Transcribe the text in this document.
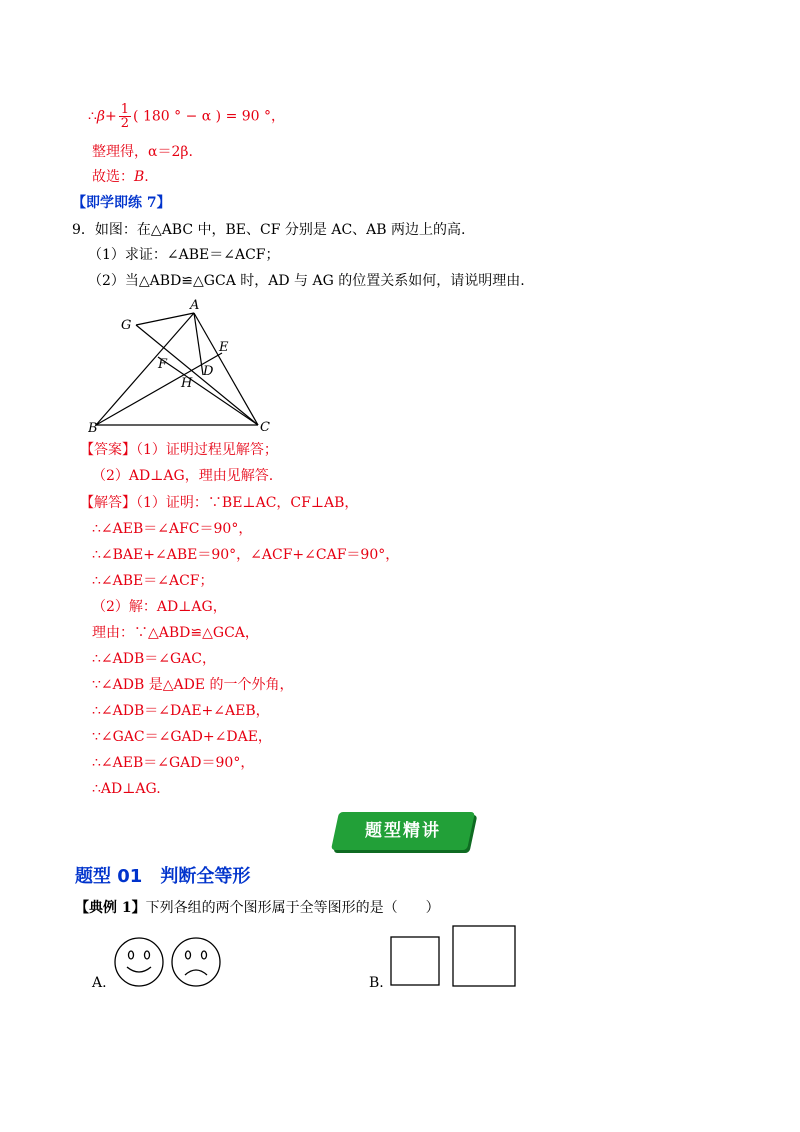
∴β+ $\frac{1}{2}$ ( 180 ° − α ) = 90 °，
整理得，α＝2β.
故选：B.
【即学即练 7】
9．如图：在△ABC 中，BE、CF 分别是 AC、AB 两边上的高.
（1）求证：∠ABE＝∠ACF；
（2）当△ABD≌△GCA 时，AD 与 AG 的位置关系如何，请说明理由.
A
G
E
F	D
H
B	C
【答案】（1）证明过程见解答；
（2）AD⊥AG，理由见解答.
【解答】（1）证明：∵BE⊥AC，CF⊥AB，
∴∠AEB＝∠AFC＝90°，
∴∠BAE+∠ABE＝90°，∠ACF+∠CAF＝90°，
∴∠ABE＝∠ACF；
（2）解：AD⊥AG，
理由：∵△ABD≌△GCA，
∴∠ADB＝∠GAC，
∵∠ADB 是△ADE 的一个外角，
∴∠ADB＝∠DAE+∠AEB，
∵∠GAC＝∠GAD+∠DAE，
∴∠AEB＝∠GAD＝90°，
∴AD⊥AG.
题型精讲
题型 01　判断全等形
【典例 1】下列各组的两个图形属于全等图形的是（　　）
A.	B.
